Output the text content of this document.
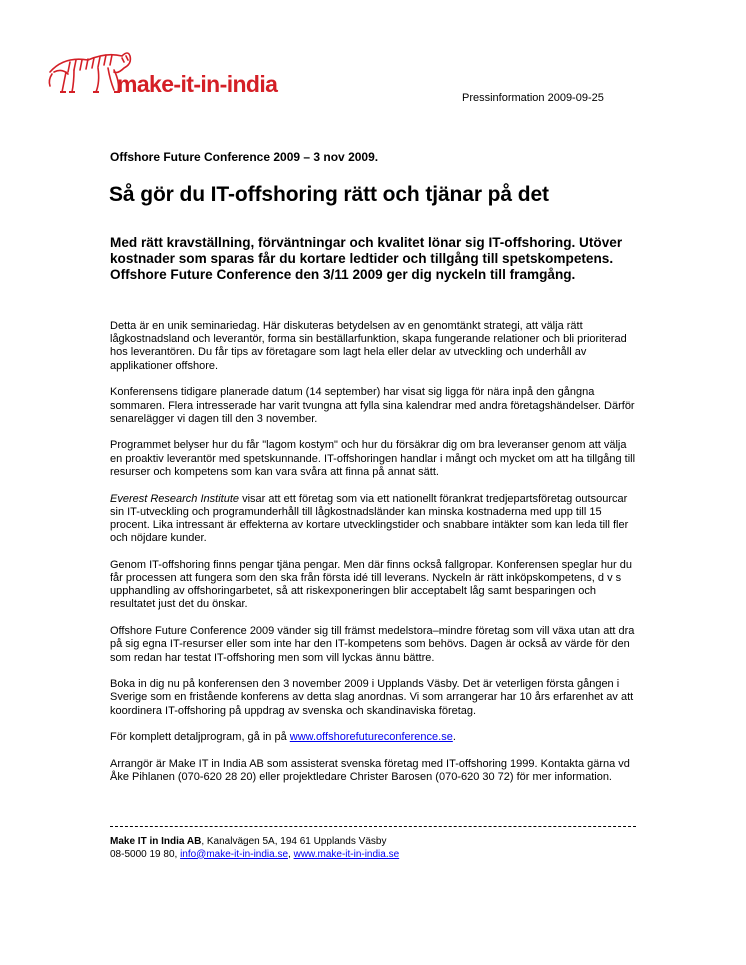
make-it-in-india
Pressinformation 2009-09-25
Offshore Future Conference 2009 – 3 nov 2009.
Så gör du IT-offshoring rätt och tjänar på det
Med rätt kravställning, förväntningar och kvalitet lönar sig IT-offshoring. Utöver kostnader som sparas får du kortare ledtider och tillgång till spetskompetens. Offshore Future Conference den 3/11 2009 ger dig nyckeln till framgång.

Detta är en unik seminariedag. Här diskuteras betydelsen av en genomtänkt strategi, att välja rätt lågkostnadsland och leverantör, forma sin beställarfunktion, skapa fungerande relationer och bli prioriterad hos leverantören. Du får tips av företagare som lagt hela eller delar av utveckling och underhåll av applikationer offshore.

Konferensens tidigare planerade datum (14 september) har visat sig ligga för nära inpå den gångna sommaren. Flera intresserade har varit tvungna att fylla sina kalendrar med andra företagshändelser. Därför senarelägger vi dagen till den 3 november.

Programmet belyser hur du får "lagom kostym" och hur du försäkrar dig om bra leveranser genom att välja en proaktiv leverantör med spetskunnande. IT-offshoringen handlar i mångt och mycket om att ha tillgång till resurser och kompetens som kan vara svåra att finna på annat sätt.

Everest Research Institute visar att ett företag som via ett nationellt förankrat tredjepartsföretag outsourcar sin IT-utveckling och programunderhåll till lågkostnadsländer kan minska kostnaderna med upp till 15 procent. Lika intressant är effekterna av kortare utvecklingstider och snabbare intäkter som kan leda till fler och nöjdare kunder.

Genom IT-offshoring finns pengar tjäna pengar. Men där finns också fallgropar. Konferensen speglar hur du får processen att fungera som den ska från första idé till leverans. Nyckeln är rätt inköpskompetens, d v s upphandling av offshoringarbetet, så att riskexponeringen blir acceptabelt låg samt besparingen och resultatet just det du önskar.

Offshore Future Conference 2009 vänder sig till främst medelstora–mindre företag som vill växa utan att dra på sig egna IT-resurser eller som inte har den IT-kompetens som behövs. Dagen är också av värde för den som redan har testat IT-offshoring men som vill lyckas ännu bättre.

Boka in dig nu på konferensen den 3 november 2009 i Upplands Väsby. Det är veterligen första gången i Sverige som en fristående konferens av detta slag anordnas. Vi som arrangerar har 10 års erfarenhet av att koordinera IT-offshoring på uppdrag av svenska och skandinaviska företag.

För komplett detaljprogram, gå in på www.offshorefutureconference.se.

Arrangör är Make IT in India AB som assisterat svenska företag med IT-offshoring 1999. Kontakta gärna vd Åke Pihlanen (070-620 28 20) eller projektledare Christer Barosen (070-620 30 72) för mer information.

Make IT in India AB, Kanalvägen 5A, 194 61 Upplands Väsby
08-5000 19 80, info@make-it-in-india.se, www.make-it-in-india.se
